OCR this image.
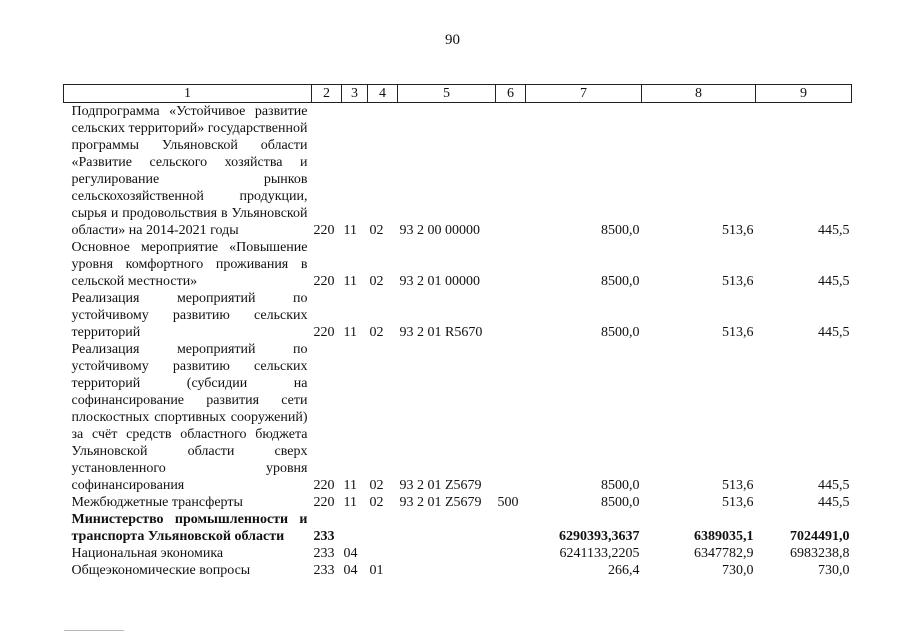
90
1	2	3	4	5	6	7	8	9
Подпрограмма «Устойчивое развитие сельских территорий» государственной программы Ульяновской области «Развитие сельского хозяйства и регулирование рынков сельскохозяйственной продукции, сырья и продовольствия в Ульяновской области» на 2014-2021 годы	220	11	02	93 2 00 00000		8500,0	513,6	445,5
Основное мероприятие «Повышение уровня комфортного проживания в сельской местности»	220	11	02	93 2 01 00000		8500,0	513,6	445,5
Реализация мероприятий по устойчивому развитию сельских территорий	220	11	02	93 2 01 R5670		8500,0	513,6	445,5
Реализация мероприятий по устойчивому развитию сельских территорий (субсидии на софинансирование развития сети плоскостных спортивных сооружений) за счёт средств областного бюджета Ульяновской области сверх установленного уровня софинансирования	220	11	02	93 2 01 Z5679		8500,0	513,6	445,5
Межбюджетные трансферты	220	11	02	93 2 01 Z5679	500	8500,0	513,6	445,5
Министерство промышленности и транспорта Ульяновской области	233					6290393,3637	6389035,1	7024491,0
Национальная экономика	233	04				6241133,2205	6347782,9	6983238,8
Общеэкономические вопросы	233	04	01			266,4	730,0	730,0
